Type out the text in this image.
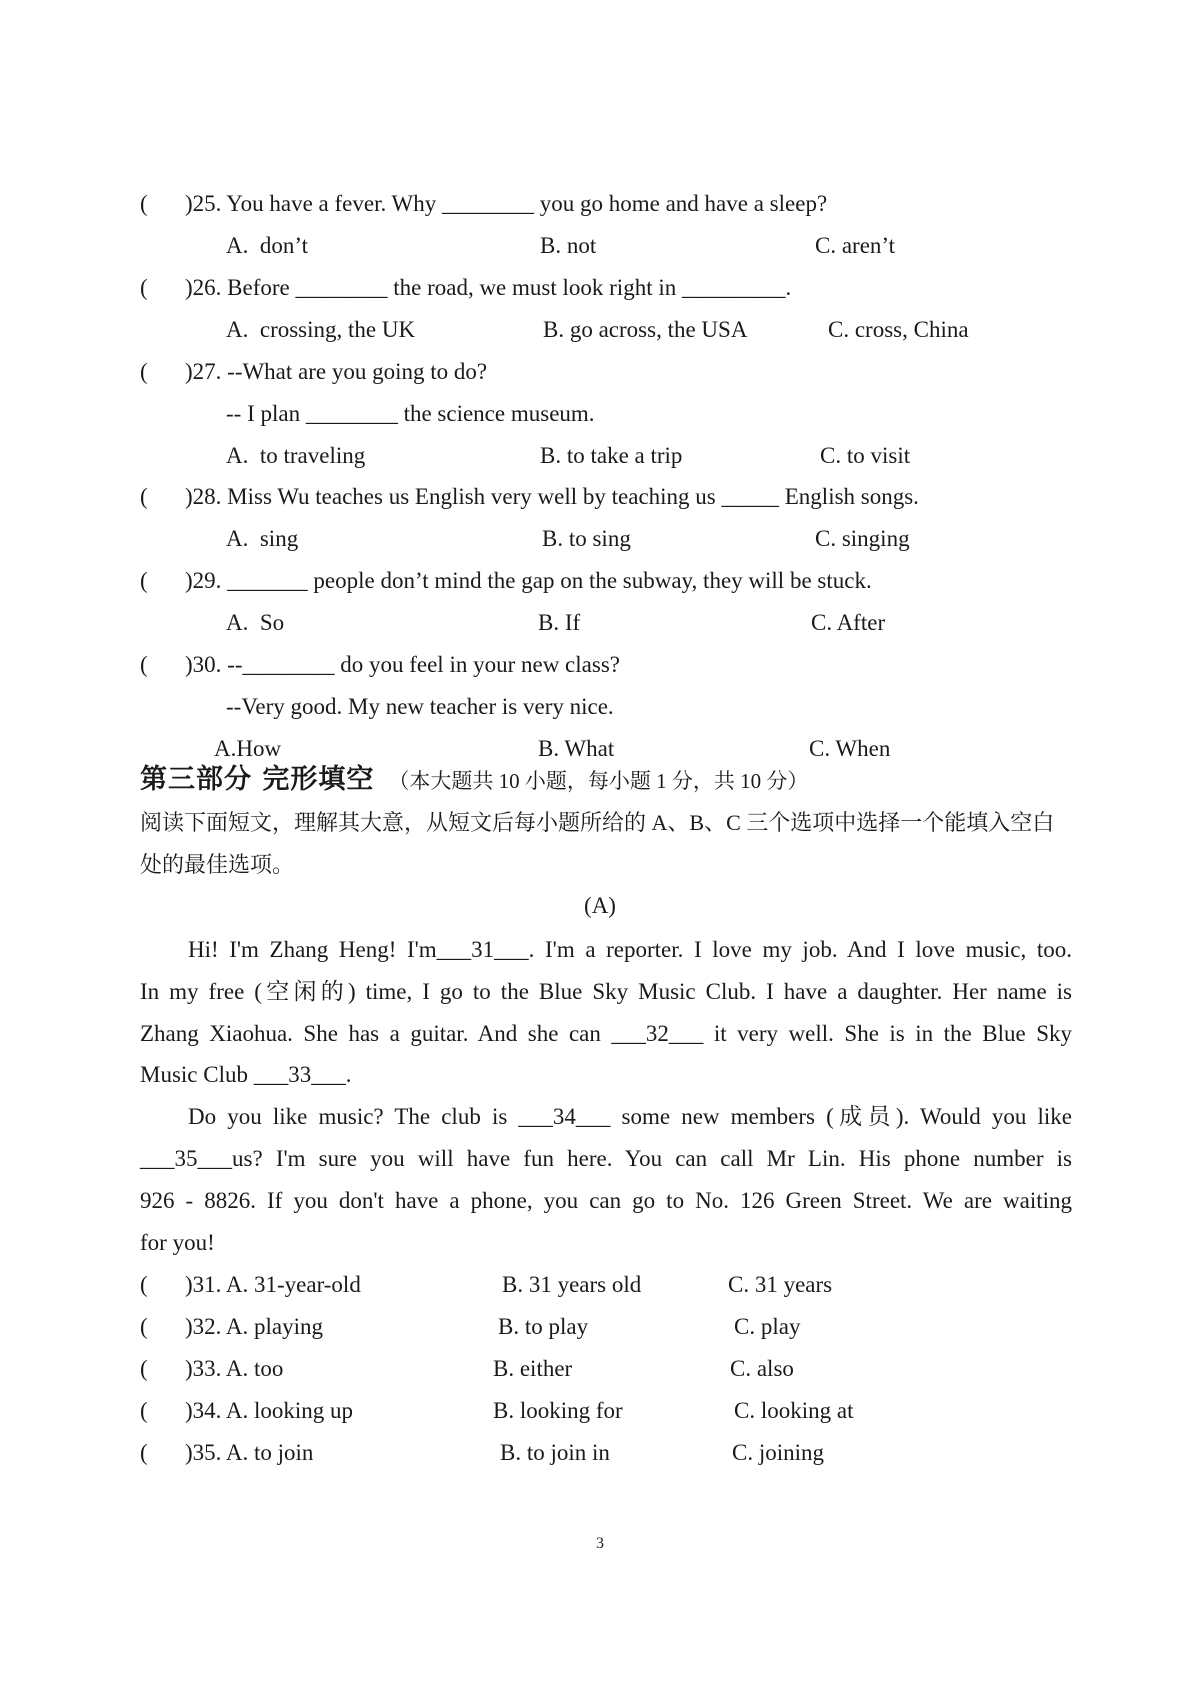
( )25. You have a fever. Why ________ you go home and have a sleep?
A.  don’t	B. not	C. aren’t
( )26. Before ________ the road, we must look right in _________.
A.  crossing, the UK	B. go across, the USA	C. cross, China
( )27. --What are you going to do?
-- I plan ________ the science museum.
A.  to traveling	B. to take a trip	C. to visit
( )28. Miss Wu teaches us English very well by teaching us _____ English songs.
A.  sing	B. to sing	C. singing
( )29. _______ people don’t mind the gap on the subway, they will be stuck.
A.  So	B. If	C. After
( )30. --________ do you feel in your new class?
--Very good. My new teacher is very nice.
A.How	B. What	C. When
第三部分 完形填空 （本大题共 10 小题，每小题 1 分，共 10 分）
阅读下面短文，理解其大意，从短文后每小题所给的 A、B、C 三个选项中选择一个能填入空白处的最佳选项。
(A)
Hi! I'm Zhang Heng! I'm___31___. I'm a reporter. I love my job. And I love music, too.
In my free (空闲的) time, I go to the Blue Sky Music Club. I have a daughter. Her name is
Zhang Xiaohua. She has a guitar. And she can ___32___ it very well. She is in the Blue Sky
Music Club ___33___.
Do you like music? The club is ___34___ some new members (成员). Would you like
___35___us? I'm sure you will have fun here. You can call Mr Lin. His phone number is
926 - 8826. If you don't have a phone, you can go to No. 126 Green Street. We are waiting
for you!
( )31. A. 31-year-old	B. 31 years old	C. 31 years
( )32. A. playing	B. to play	C. play
( )33. A. too	B. either	C. also
( )34. A. looking up	B. looking for	C. looking at
( )35. A. to join	B. to join in	C. joining
3
